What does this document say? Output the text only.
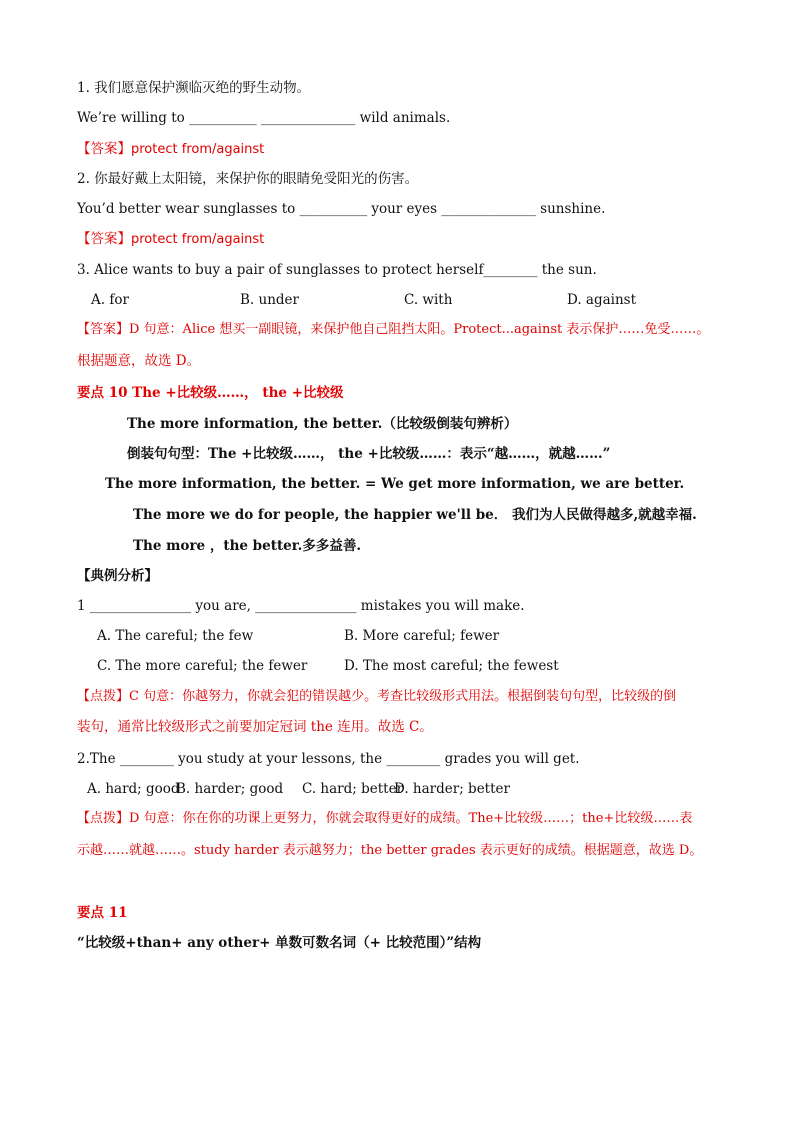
1. 我们愿意保护濒临灭绝的野生动物。
We’re willing to __________ ______________ wild animals.
【答案】protect from/against
2. 你最好戴上太阳镜，来保护你的眼睛免受阳光的伤害。
You’d better wear sunglasses to __________ your eyes ______________ sunshine.
【答案】protect from/against
3. Alice wants to buy a pair of sunglasses to protect herself________ the sun.
A. for	B. under	C. with	D. against
【答案】D 句意：Alice 想买一副眼镜，来保护他自己阻挡太阳。Protect...against 表示保护……免受……。
根据题意，故选 D。
要点 10 The +比较级……， the +比较级
The more information, the better.（比较级倒装句辨析）
倒装句句型：The +比较级……， the +比较级……：表示“越……，就越……”
The more information, the better. = We get more information, we are better.
The more we do for people, the happier we'll be． 我们为人民做得越多,就越幸福.
The more ，the better.多多益善.
【典例分析】
1 _______________ you are, _______________ mistakes you will make.
A. The careful; the few	B. More careful; fewer
C. The more careful; the fewer	D. The most careful; the fewest
【点拨】C 句意：你越努力，你就会犯的错误越少。考查比较级形式用法。根据倒装句句型，比较级的倒
装句，通常比较级形式之前要加定冠词 the 连用。故选 C。
2.The ________ you study at your lessons, the ________ grades you will get.
A. hard; good
B. harder; good C. hard; better
D. harder; better
【点拨】D 句意：你在你的功课上更努力，你就会取得更好的成绩。The+比较级……；the+比较级……表
示越……就越……。study harder 表示越努力；the better grades 表示更好的成绩。根据题意，故选 D。
要点 11
“比较级+than+ any other+ 单数可数名词（+ 比较范围）”结构
